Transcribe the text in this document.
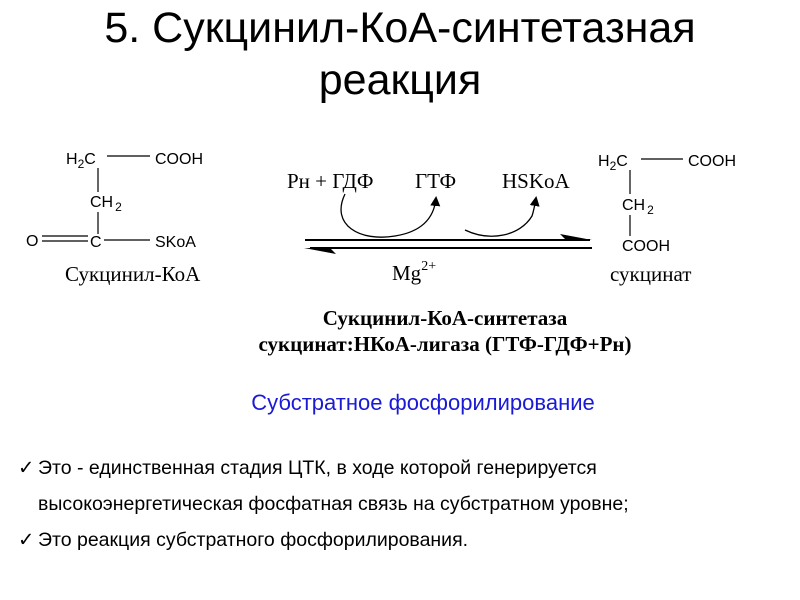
5. Сукцинил-КоА-синтетазная
реакция
$H_2C$	COOH
CH $_2$
O	C	SKoA
Сукцинил-КоА
Рн + ГДФ ГТФ HSKoA
$Mg^{2+}$
$H_2C$	COOH
CH $_2$
COOH
сукцинат
Сукцинил-КоА-синтетаза
сукцинат:НКоА-лигаза (ГТФ-ГДФ+Рн)
Субстратное фосфорилирование
✓ Это - единственная стадия ЦТК, в ходе которой генерируется высокоэнергетическая фосфатная связь на субстратном уровне;
✓ Это реакция субстратного фосфорилирования.
